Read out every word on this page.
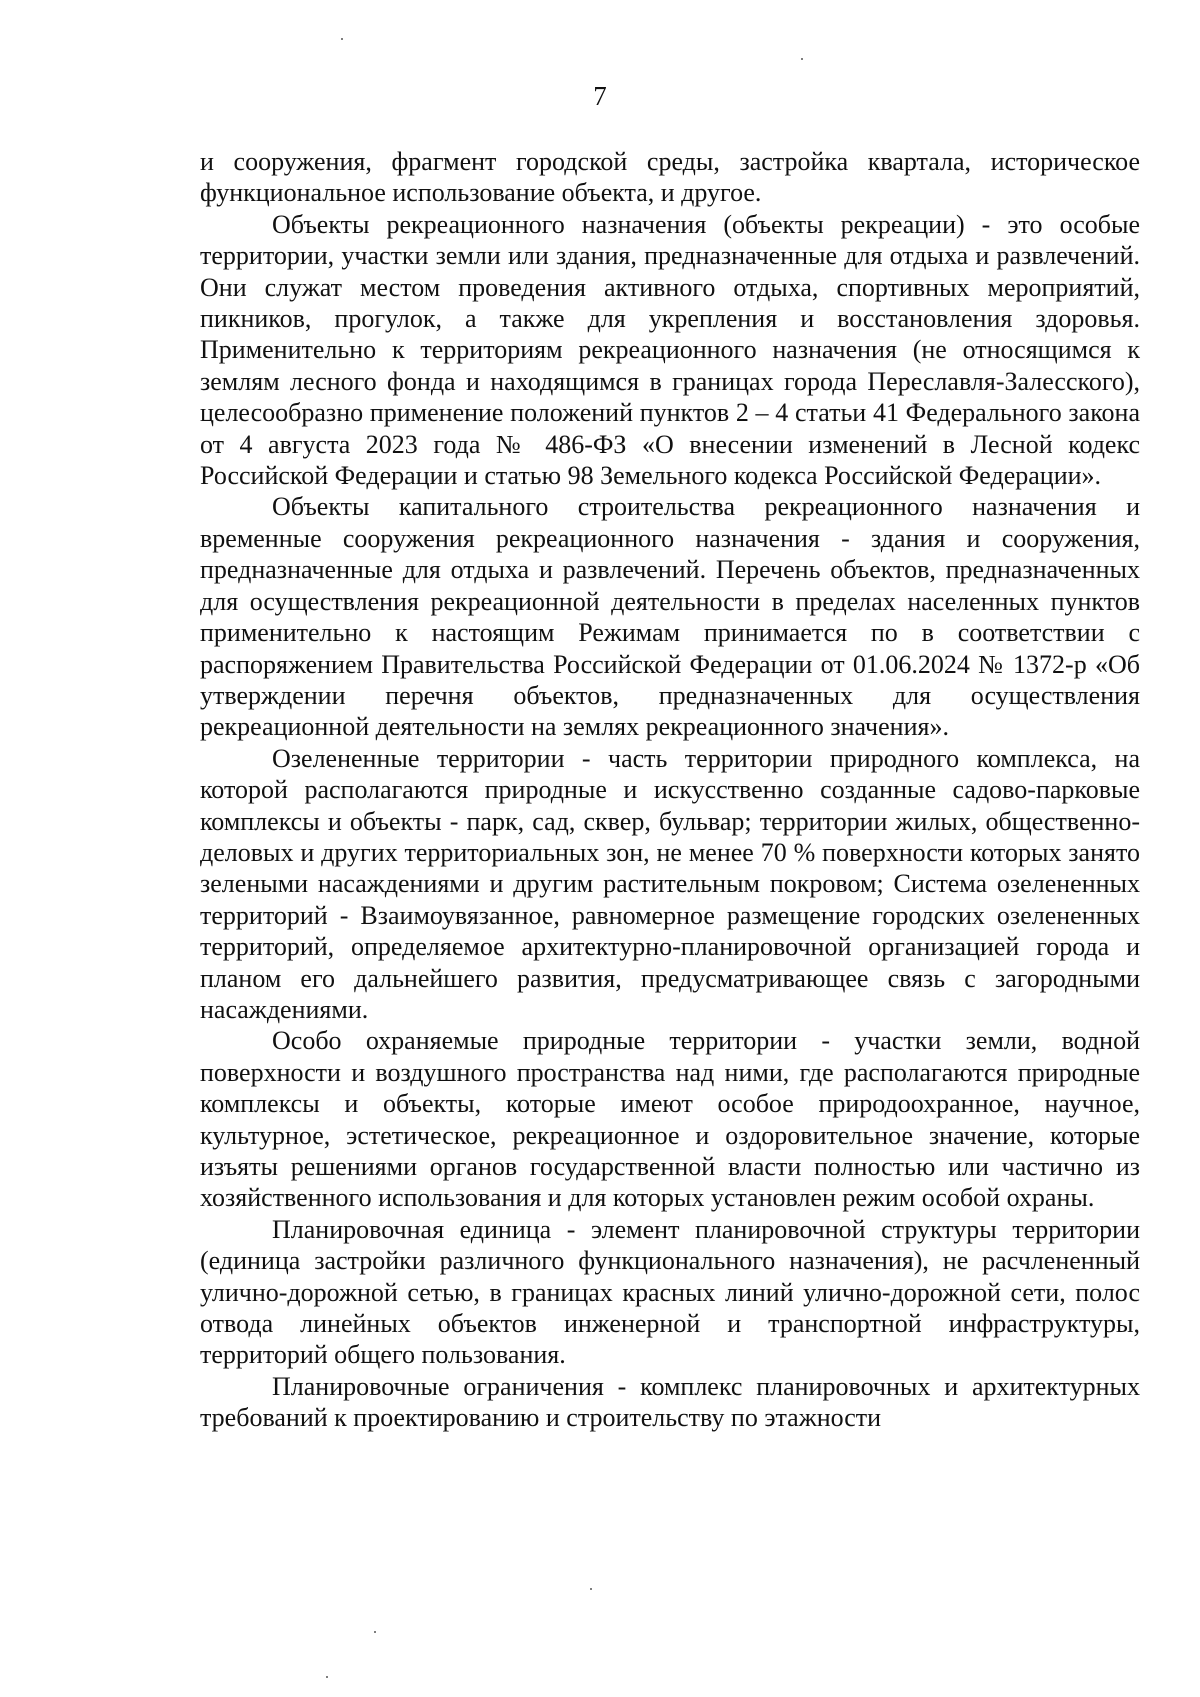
7

и сооружения, фрагмент городской среды, застройка квартала, историческое функциональное использование объекта, и другое.

Объекты рекреационного назначения (объекты рекреации) - это особые территории, участки земли или здания, предназначенные для отдыха и развлечений. Они служат местом проведения активного отдыха, спортивных мероприятий, пикников, прогулок, а также для укрепления и восстановления здоровья. Применительно к территориям рекреационного назначения (не относящимся к землям лесного фонда и находящимся в границах города Переславля-Залесского), целесообразно применение положений пунктов 2 – 4 статьи 41 Федерального закона от 4 августа 2023 года № 486-ФЗ «О внесении изменений в Лесной кодекс Российской Федерации и статью 98 Земельного кодекса Российской Федерации».

Объекты капитального строительства рекреационного назначения и временные сооружения рекреационного назначения - здания и сооружения, предназначенные для отдыха и развлечений. Перечень объектов, предназначенных для осуществления рекреационной деятельности в пределах населенных пунктов применительно к настоящим Режимам принимается по в соответствии с распоряжением Правительства Российской Федерации от 01.06.2024 № 1372-р «Об утверждении перечня объектов, предназначенных для осуществления рекреационной деятельности на землях рекреационного значения».

Озелененные территории - часть территории природного комплекса, на которой располагаются природные и искусственно созданные садово-парковые комплексы и объекты - парк, сад, сквер, бульвар; территории жилых, общественно-деловых и других территориальных зон, не менее 70 % поверхности которых занято зелеными насаждениями и другим растительным покровом; Система озелененных территорий - Взаимоувязанное, равномерное размещение городских озелененных территорий, определяемое архитектурно-планировочной организацией города и планом его дальнейшего развития, предусматривающее связь с загородными насаждениями.

Особо охраняемые природные территории - участки земли, водной поверхности и воздушного пространства над ними, где располагаются природные комплексы и объекты, которые имеют особое природоохранное, научное, культурное, эстетическое, рекреационное и оздоровительное значение, которые изъяты решениями органов государственной власти полностью или частично из хозяйственного использования и для которых установлен режим особой охраны.

Планировочная единица - элемент планировочной структуры территории (единица застройки различного функционального назначения), не расчлененный улично-дорожной сетью, в границах красных линий улично-дорожной сети, полос отвода линейных объектов инженерной и транспортной инфраструктуры, территорий общего пользования.

Планировочные ограничения - комплекс планировочных и архитектурных требований к проектированию и строительству по этажности
